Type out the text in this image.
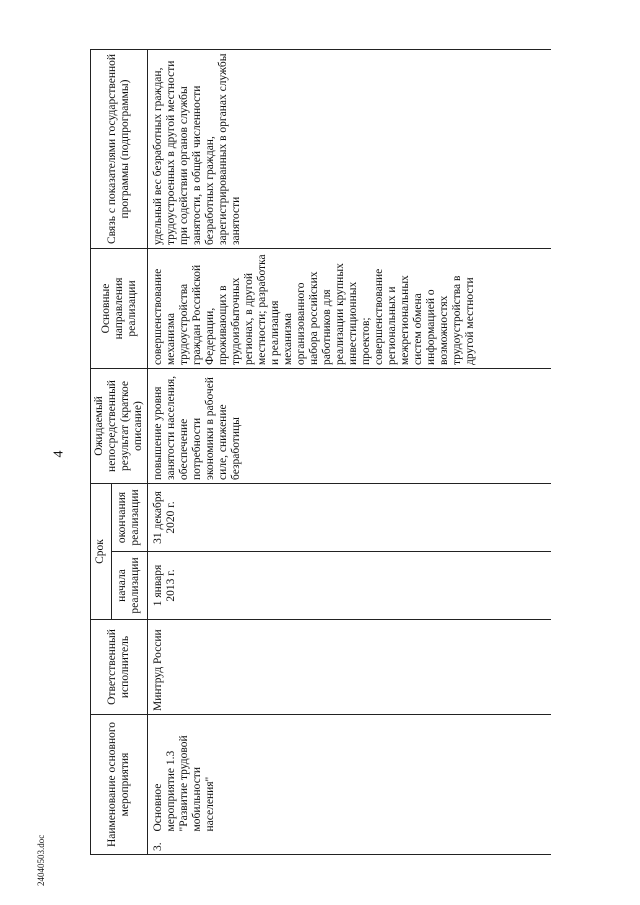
4
24040503.doc
Наименование основного мероприятия		Ответственный исполнитель	Срок		Ожидаемый непосредственный результат (краткое описание)	Основные направления реализации	Связь с показателями государственной программы (подпрограммы)
			начала реализации	окончания реализации			
3.	Основное мероприятие 1.3 "Развитие трудовой мобильности населения"	Минтруд России	1 января 2013 г.	31 декабря 2020 г.	повышение уровня занятости населения, обеспечение потребности экономики в рабочей силе, снижение безработицы	совершенствование механизма трудоустройства граждан Российской Федерации, проживающих в трудоизбыточных регионах, в другой местности; разработка и реализация механизма организованного набора российских работников для реализации крупных инвестиционных проектов; совершенствование региональных и межрегиональных систем обмена информацией о возможностях трудоустройства в другой местности	удельный вес безработных граждан, трудоустроенных в другой местности при содействии органов службы занятости, в общей численности безработных граждан, зарегистрированных в органах службы занятости
